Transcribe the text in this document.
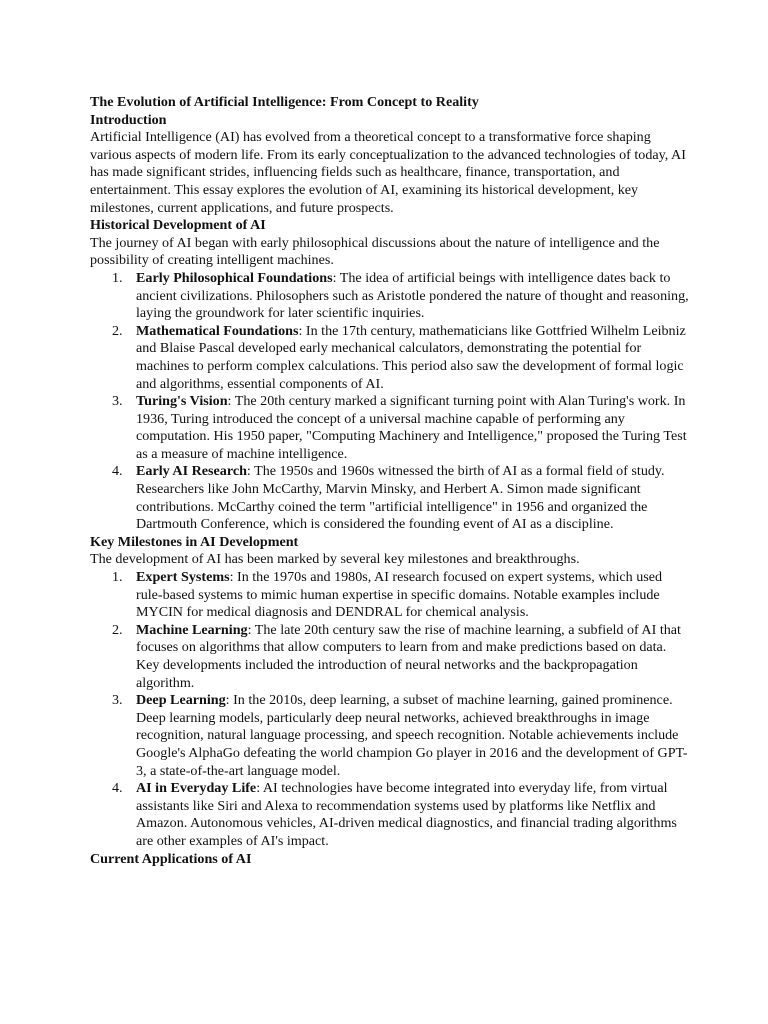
The Evolution of Artificial Intelligence: From Concept to Reality

Introduction

Artificial Intelligence (AI) has evolved from a theoretical concept to a transformative force shaping various aspects of modern life. From its early conceptualization to the advanced technologies of today, AI has made significant strides, influencing fields such as healthcare, finance, transportation, and entertainment. This essay explores the evolution of AI, examining its historical development, key milestones, current applications, and future prospects.

Historical Development of AI

The journey of AI began with early philosophical discussions about the nature of intelligence and the possibility of creating intelligent machines.

1. Early Philosophical Foundations: The idea of artificial beings with intelligence dates back to ancient civilizations. Philosophers such as Aristotle pondered the nature of thought and reasoning, laying the groundwork for later scientific inquiries.
2. Mathematical Foundations: In the 17th century, mathematicians like Gottfried Wilhelm Leibniz and Blaise Pascal developed early mechanical calculators, demonstrating the potential for machines to perform complex calculations. This period also saw the development of formal logic and algorithms, essential components of AI.
3. Turing's Vision: The 20th century marked a significant turning point with Alan Turing's work. In 1936, Turing introduced the concept of a universal machine capable of performing any computation. His 1950 paper, "Computing Machinery and Intelligence," proposed the Turing Test as a measure of machine intelligence.
4. Early AI Research: The 1950s and 1960s witnessed the birth of AI as a formal field of study. Researchers like John McCarthy, Marvin Minsky, and Herbert A. Simon made significant contributions. McCarthy coined the term "artificial intelligence" in 1956 and organized the Dartmouth Conference, which is considered the founding event of AI as a discipline.

Key Milestones in AI Development

The development of AI has been marked by several key milestones and breakthroughs.

1. Expert Systems: In the 1970s and 1980s, AI research focused on expert systems, which used rule-based systems to mimic human expertise in specific domains. Notable examples include MYCIN for medical diagnosis and DENDRAL for chemical analysis.
2. Machine Learning: The late 20th century saw the rise of machine learning, a subfield of AI that focuses on algorithms that allow computers to learn from and make predictions based on data. Key developments included the introduction of neural networks and the backpropagation algorithm.
3. Deep Learning: In the 2010s, deep learning, a subset of machine learning, gained prominence. Deep learning models, particularly deep neural networks, achieved breakthroughs in image recognition, natural language processing, and speech recognition. Notable achievements include Google's AlphaGo defeating the world champion Go player in 2016 and the development of GPT-3, a state-of-the-art language model.
4. AI in Everyday Life: AI technologies have become integrated into everyday life, from virtual assistants like Siri and Alexa to recommendation systems used by platforms like Netflix and Amazon. Autonomous vehicles, AI-driven medical diagnostics, and financial trading algorithms are other examples of AI's impact.

Current Applications of AI
